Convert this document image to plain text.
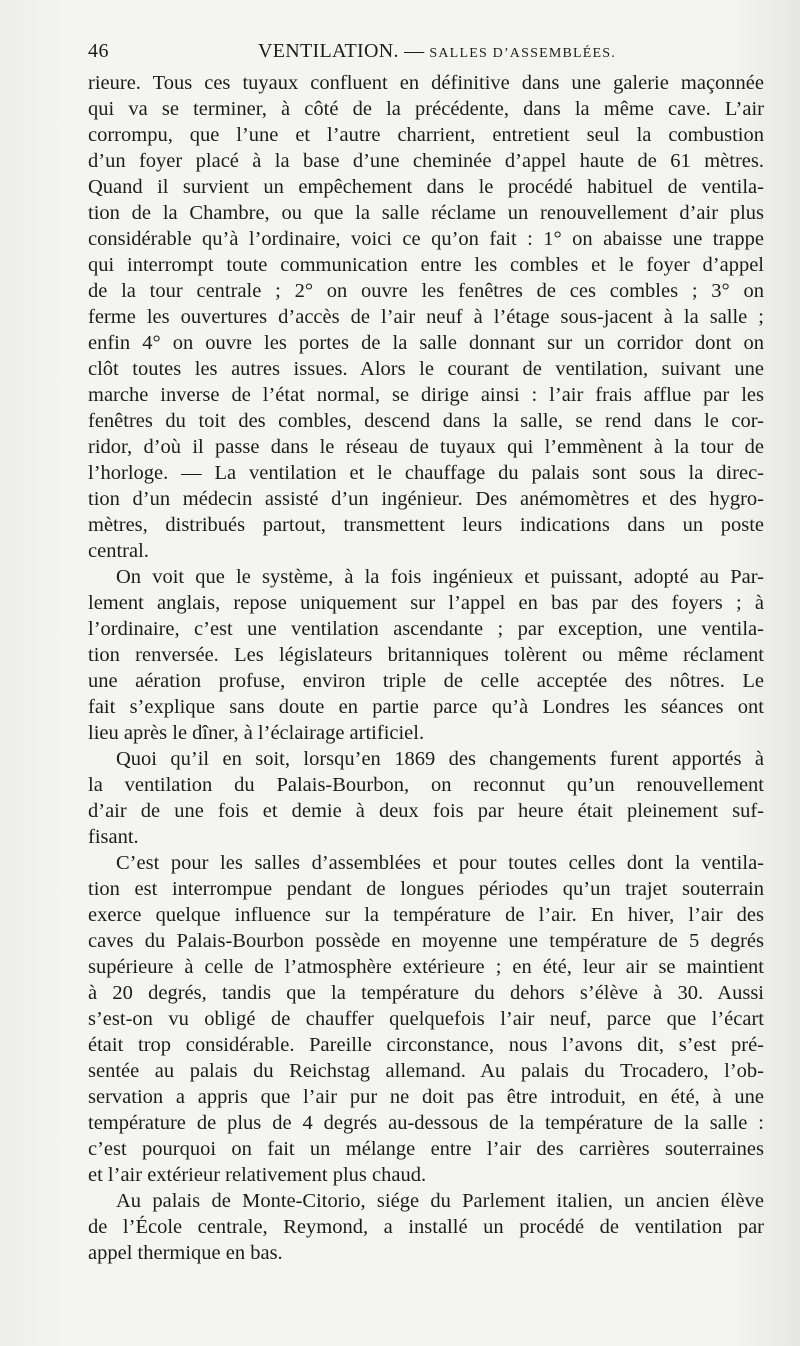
46	VENTILATION. — SALLES D’ASSEMBLÉES.
rieure. Tous ces tuyaux confluent en définitive dans une galerie maçonnée
qui va se terminer, à côté de la précédente, dans la même cave. L’air
corrompu, que l’une et l’autre charrient, entretient seul la combustion
d’un foyer placé à la base d’une cheminée d’appel haute de 61 mètres.
Quand il survient un empêchement dans le procédé habituel de ventila-
tion de la Chambre, ou que la salle réclame un renouvellement d’air plus
considérable qu’à l’ordinaire, voici ce qu’on fait : 1° on abaisse une trappe
qui interrompt toute communication entre les combles et le foyer d’appel
de la tour centrale ; 2° on ouvre les fenêtres de ces combles ; 3° on
ferme les ouvertures d’accès de l’air neuf à l’étage sous-jacent à la salle ;
enfin 4° on ouvre les portes de la salle donnant sur un corridor dont on
clôt toutes les autres issues. Alors le courant de ventilation, suivant une
marche inverse de l’état normal, se dirige ainsi : l’air frais afflue par les
fenêtres du toit des combles, descend dans la salle, se rend dans le cor-
ridor, d’où il passe dans le réseau de tuyaux qui l’emmènent à la tour de
l’horloge. — La ventilation et le chauffage du palais sont sous la direc-
tion d’un médecin assisté d’un ingénieur. Des anémomètres et des hygro-
mètres, distribués partout, transmettent leurs indications dans un poste
central.
On voit que le système, à la fois ingénieux et puissant, adopté au Par-
lement anglais, repose uniquement sur l’appel en bas par des foyers ; à
l’ordinaire, c’est une ventilation ascendante ; par exception, une ventila-
tion renversée. Les législateurs britanniques tolèrent ou même réclament
une aération profuse, environ triple de celle acceptée des nôtres. Le
fait s’explique sans doute en partie parce qu’à Londres les séances ont
lieu après le dîner, à l’éclairage artificiel.
Quoi qu’il en soit, lorsqu’en 1869 des changements furent apportés à
la ventilation du Palais-Bourbon, on reconnut qu’un renouvellement
d’air de une fois et demie à deux fois par heure était pleinement suf-
fisant.
C’est pour les salles d’assemblées et pour toutes celles dont la ventila-
tion est interrompue pendant de longues périodes qu’un trajet souterrain
exerce quelque influence sur la température de l’air. En hiver, l’air des
caves du Palais-Bourbon possède en moyenne une température de 5 degrés
supérieure à celle de l’atmosphère extérieure ; en été, leur air se maintient
à 20 degrés, tandis que la température du dehors s’élève à 30. Aussi
s’est-on vu obligé de chauffer quelquefois l’air neuf, parce que l’écart
était trop considérable. Pareille circonstance, nous l’avons dit, s’est pré-
sentée au palais du Reichstag allemand. Au palais du Trocadero, l’ob-
servation a appris que l’air pur ne doit pas être introduit, en été, à une
température de plus de 4 degrés au-dessous de la température de la salle :
c’est pourquoi on fait un mélange entre l’air des carrières souterraines
et l’air extérieur relativement plus chaud.
Au palais de Monte-Citorio, siége du Parlement italien, un ancien élève
de l’École centrale, Reymond, a installé un procédé de ventilation par
appel thermique en bas.
